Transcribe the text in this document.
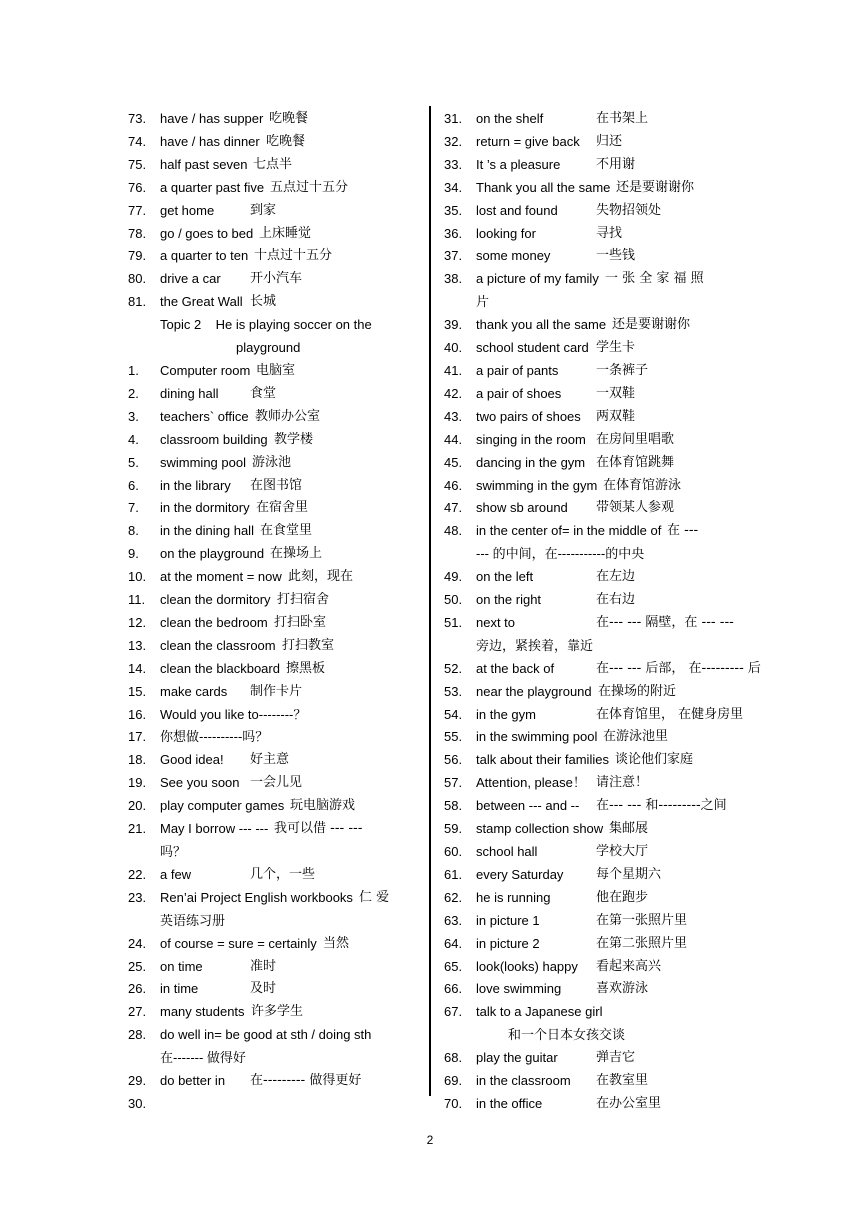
73. have / has supper 吃晚餐
74. have / has dinner 吃晚餐
75. half past seven 七点半
76. a quarter past five 五点过十五分
77. get home	到家
78. go / goes to bed 上床睡觉
79. a quarter to ten 十点过十五分
80. drive a car 开小汽车
81. the Great Wall 长城
Topic 2    He is playing soccer on the
playground
1. Computer room 电脑室
2. dining hall 食堂
3. teachers` office 教师办公室
4. classroom building 教学楼
5. swimming pool 游泳池
6. in the library 在图书馆
7. in the dormitory 在宿舍里
8. in the dining hall 在食堂里
9. on the playground 在操场上
10. at the moment = now 此刻，现在
11. clean the dormitory 打扫宿舍
12. clean the bedroom 打扫卧室
13. clean the classroom 打扫教室
14. clean the blackboard 擦黑板
15. make cards 制作卡片
16. Would you like to--------？
17. 你想做----------吗？
18. Good idea! 好主意
19. See you soon 一会儿见
20. play computer games 玩电脑游戏
21. May I borrow --- --- 我可以借 --- ---
吗？
22. a few	几个，一些
23. Ren’ai Project English workbooks 仁 爱
英语练习册
24. of course = sure = certainly 当然
25. on time	准时
26. in time	及时
27. many students 许多学生
28. do well in= be good at sth / doing sth
在------- 做得好
29. do better in 在--------- 做得更好
30.
31. on the shelf	在书架上
32. return = give back 归还
33. It ’s a pleasure	不用谢
34. Thank you all the same 还是要谢谢你
35. lost and found	失物招领处
36. looking for	寻找
37. some money	一些钱
38. a picture of my family 一 张 全 家 福 照
片
39. thank you all the same 还是要谢谢你
40. school student card 学生卡
41. a pair of pants	一条裤子
42. a pair of shoes	一双鞋
43. two pairs of shoes 两双鞋
44. singing in the room 在房间里唱歌
45. dancing in the gym 在体育馆跳舞
46. swimming in the gym 在体育馆游泳
47. show sb around 带领某人参观
48. in the center of= in the middle of 在 ---
--- 的中间，在-----------的中央
49. on the left	在左边
50. on the right	在右边
51. next to	在--- --- 隔壁，在 --- ---
旁边，紧挨着，靠近
52. at the back of	在--- --- 后部， 在--------- 后
53. near the playground 在操场的附近
54. in the gym	在体育馆里， 在健身房里
55. in the swimming pool 在游泳池里
56. talk about their families 谈论他们家庭
57. Attention, please！ 请注意！
58. between --- and -- 在--- --- 和---------之间
59. stamp collection show 集邮展
60. school hall	学校大厅
61. every Saturday	每个星期六
62. he is running	他在跑步
63. in picture 1	在第一张照片里
64. in picture 2	在第二张照片里
65. look(looks) happy 看起来高兴
66. love swimming	喜欢游泳
67. talk to a Japanese girl
和一个日本女孩交谈
68. play the guitar	弹吉它
69. in the classroom 在教室里
70. in the office	在办公室里
2
